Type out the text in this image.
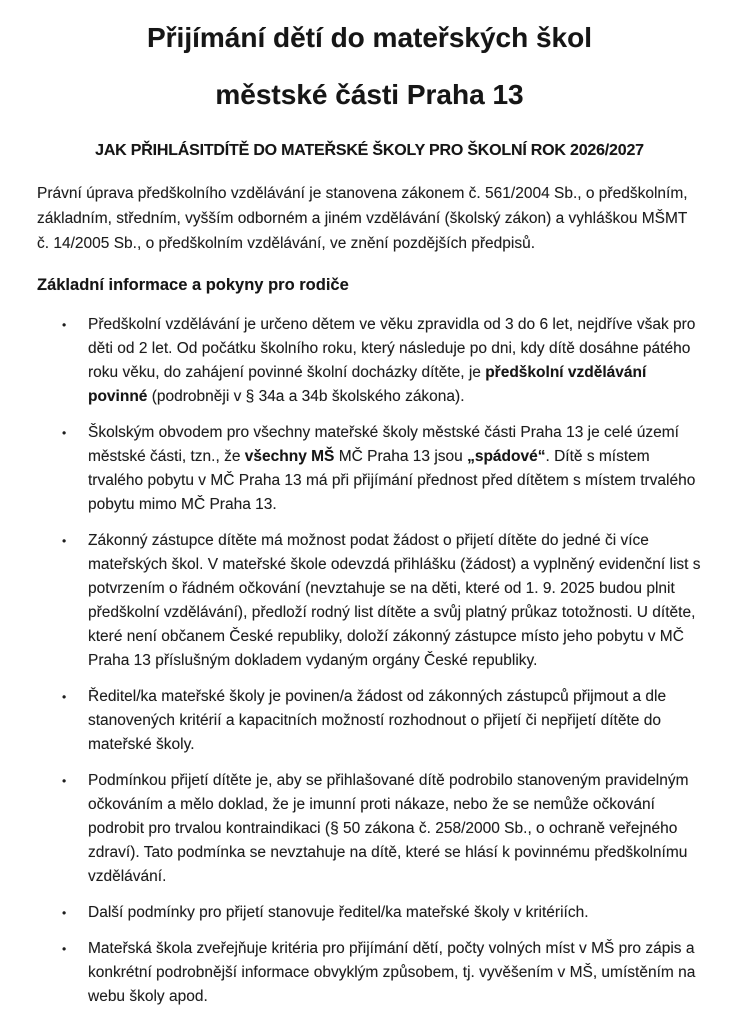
Přijímání dětí do mateřských škol
městské části Praha 13
JAK PŘIHLÁSITDÍTĚ DO MATEŘSKÉ ŠKOLY PRO ŠKOLNÍ ROK 2026/2027

Právní úprava předškolního vzdělávání je stanovena zákonem č. 561/2004 Sb., o předškolním, základním, středním, vyšším odborném a jiném vzdělávání (školský zákon) a vyhláškou MŠMT č. 14/2005 Sb., o předškolním vzdělávání, ve znění pozdějších předpisů.

Základní informace a pokyny pro rodiče
• Předškolní vzdělávání je určeno dětem ve věku zpravidla od 3 do 6 let, nejdříve však pro děti od 2 let. Od počátku školního roku, který následuje po dni, kdy dítě dosáhne pátého roku věku, do zahájení povinné školní docházky dítěte, je předškolní vzdělávání povinné (podrobněji v § 34a a 34b školského zákona).
• Školským obvodem pro všechny mateřské školy městské části Praha 13 je celé území městské části, tzn., že všechny MŠ MČ Praha 13 jsou „spádové“. Dítě s místem trvalého pobytu v MČ Praha 13 má při přijímání přednost před dítětem s místem trvalého pobytu mimo MČ Praha 13.
• Zákonný zástupce dítěte má možnost podat žádost o přijetí dítěte do jedné či více mateřských škol. V mateřské škole odevzdá přihlášku (žádost) a vyplněný evidenční list s potvrzením o řádném očkování (nevztahuje se na děti, které od 1. 9. 2025 budou plnit předškolní vzdělávání), předloží rodný list dítěte a svůj platný průkaz totožnosti. U dítěte, které není občanem České republiky, doloží zákonný zástupce místo jeho pobytu v MČ Praha 13 příslušným dokladem vydaným orgány České republiky.
• Ředitel/ka mateřské školy je povinen/a žádost od zákonných zástupců přijmout a dle stanovených kritérií a kapacitních možností rozhodnout o přijetí či nepřijetí dítěte do mateřské školy.
• Podmínkou přijetí dítěte je, aby se přihlašované dítě podrobilo stanoveným pravidelným očkováním a mělo doklad, že je imunní proti nákaze, nebo že se nemůže očkování podrobit pro trvalou kontraindikaci (§ 50 zákona č. 258/2000 Sb., o ochraně veřejného zdraví). Tato podmínka se nevztahuje na dítě, které se hlásí k povinnému předškolnímu vzdělávání.
• Další podmínky pro přijetí stanovuje ředitel/ka mateřské školy v kritériích.
• Mateřská škola zveřejňuje kritéria pro přijímání dětí, počty volných míst v MŠ pro zápis a konkrétní podrobnější informace obvyklým způsobem, tj. vyvěšením v MŠ, umístěním na webu školy apod.
